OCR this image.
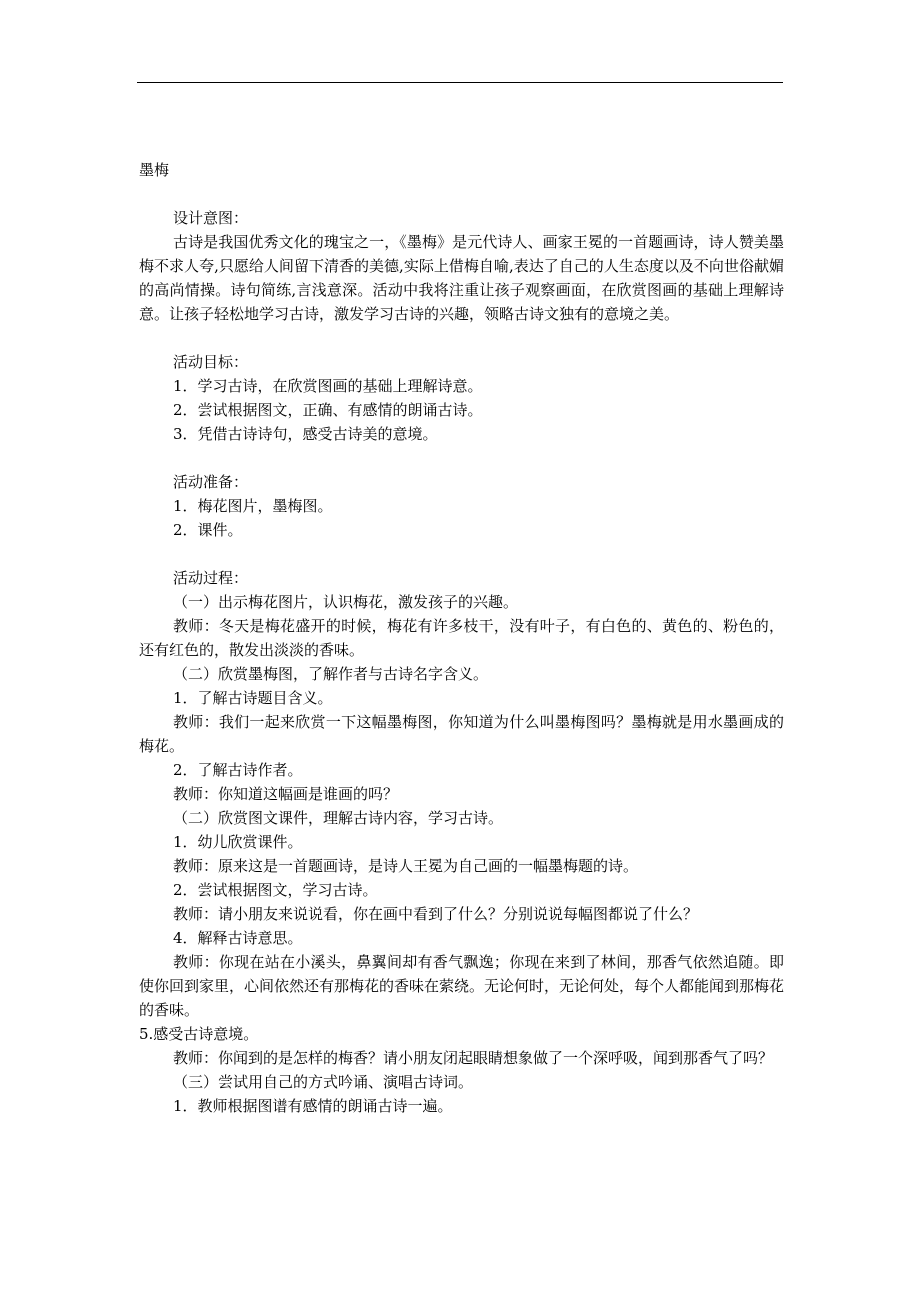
墨梅
设计意图：
古诗是我国优秀文化的瑰宝之一，《墨梅》是元代诗人、画家王冕的一首题画诗，诗人赞美墨梅不求人夸,只愿给人间留下清香的美德,实际上借梅自喻,表达了自己的人生态度以及不向世俗献媚的高尚情操。诗句简练,言浅意深。活动中我将注重让孩子观察画面，在欣赏图画的基础上理解诗意。让孩子轻松地学习古诗，激发学习古诗的兴趣，领略古诗文独有的意境之美。
活动目标：
1．学习古诗，在欣赏图画的基础上理解诗意。
2．尝试根据图文，正确、有感情的朗诵古诗。
3．凭借古诗诗句，感受古诗美的意境。
活动准备：
1．梅花图片，墨梅图。
2．课件。
活动过程：
（一）出示梅花图片，认识梅花，激发孩子的兴趣。
教师：冬天是梅花盛开的时候，梅花有许多枝干，没有叶子，有白色的、黄色的、粉色的，还有红色的，散发出淡淡的香味。
（二）欣赏墨梅图，了解作者与古诗名字含义。
1．了解古诗题目含义。
教师：我们一起来欣赏一下这幅墨梅图，你知道为什么叫墨梅图吗？墨梅就是用水墨画成的梅花。
2．了解古诗作者。
教师：你知道这幅画是谁画的吗？
（二）欣赏图文课件，理解古诗内容，学习古诗。
1．幼儿欣赏课件。
教师：原来这是一首题画诗，是诗人王冕为自己画的一幅墨梅题的诗。
2．尝试根据图文，学习古诗。
教师：请小朋友来说说看，你在画中看到了什么？分别说说每幅图都说了什么？
4．解释古诗意思。
教师：你现在站在小溪头，鼻翼间却有香气飘逸；你现在来到了林间，那香气依然追随。即使你回到家里，心间依然还有那梅花的香味在萦绕。无论何时，无论何处，每个人都能闻到那梅花的香味。
5.感受古诗意境。
教师：你闻到的是怎样的梅香？请小朋友闭起眼睛想象做了一个深呼吸，闻到那香气了吗？
（三）尝试用自己的方式吟诵、演唱古诗词。
1．教师根据图谱有感情的朗诵古诗一遍。
